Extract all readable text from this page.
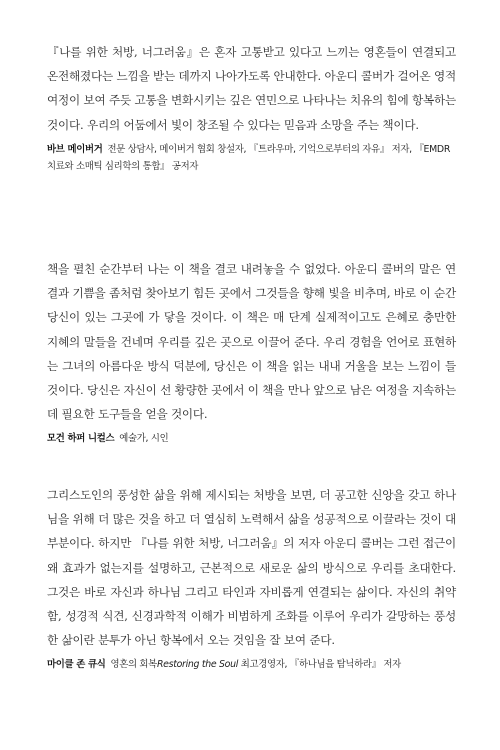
『나를 위한 처방, 너그러움』은 혼자 고통받고 있다고 느끼는 영혼들이 연결되고 온전해졌다는 느낌을 받는 데까지 나아가도록 안내한다. 아운디 콜버가 걸어온 영적 여정이 보여 주듯 고통을 변화시키는 깊은 연민으로 나타나는 치유의 힘에 항복하는 것이다. 우리의 어둠에서 빛이 창조될 수 있다는 믿음과 소망을 주는 책이다.

바브 메이버거 전문 상담사, 메이버거 협회 창설자, 『트라우마, 기억으로부터의 자유』 저자, 『EMDR 치료와 소매틱 심리학의 통합』 공저자

책을 펼친 순간부터 나는 이 책을 결코 내려놓을 수 없었다. 아운디 콜버의 말은 연결과 기쁨을 좀처럼 찾아보기 힘든 곳에서 그것들을 향해 빛을 비추며, 바로 이 순간 당신이 있는 그곳에 가 닿을 것이다. 이 책은 매 단계 실제적이고도 은혜로 충만한 지혜의 말들을 건네며 우리를 깊은 곳으로 이끌어 준다. 우리 경험을 언어로 표현하는 그녀의 아름다운 방식 덕분에, 당신은 이 책을 읽는 내내 거울을 보는 느낌이 들 것이다. 당신은 자신이 선 황량한 곳에서 이 책을 만나 앞으로 남은 여정을 지속하는 데 필요한 도구들을 얻을 것이다.

모건 하퍼 니컬스 예술가, 시인

그리스도인의 풍성한 삶을 위해 제시되는 처방을 보면, 더 공고한 신앙을 갖고 하나님을 위해 더 많은 것을 하고 더 열심히 노력해서 삶을 성공적으로 이끌라는 것이 대부분이다. 하지만 『나를 위한 처방, 너그러움』의 저자 아운디 콜버는 그런 접근이 왜 효과가 없는지를 설명하고, 근본적으로 새로운 삶의 방식으로 우리를 초대한다. 그것은 바로 자신과 하나님 그리고 타인과 자비롭게 연결되는 삶이다. 자신의 취약함, 성경적 식견, 신경과학적 이해가 비범하게 조화를 이루어 우리가 갈망하는 풍성한 삶이란 분투가 아닌 항복에서 오는 것임을 잘 보여 준다.

마이클 존 큐식 영혼의 회복Restoring the Soul 최고경영자, 『하나님을 탐닉하라』 저자
